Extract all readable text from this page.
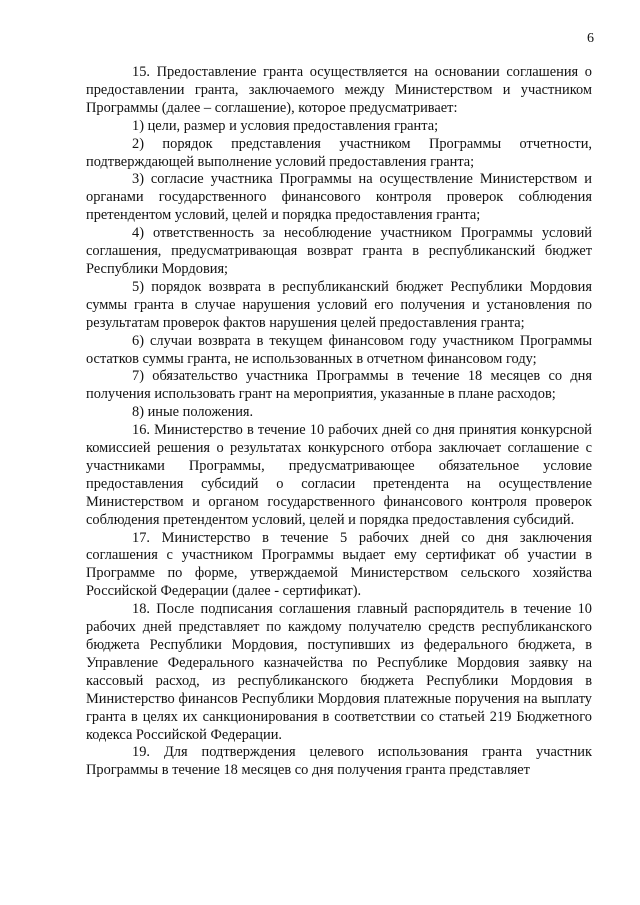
6

15. Предоставление гранта осуществляется на основании соглашения о предоставлении гранта, заключаемого между Министерством и участником Программы (далее – соглашение), которое предусматривает:

1) цели, размер и условия предоставления гранта;

2) порядок представления участником Программы отчетности, подтверждающей выполнение условий предоставления гранта;

3) согласие участника Программы на осуществление Министерством и органами государственного финансового контроля проверок соблюдения претендентом условий, целей и порядка предоставления гранта;

4) ответственность за несоблюдение участником Программы условий соглашения, предусматривающая возврат гранта в республиканский бюджет Республики Мордовия;

5) порядок возврата в республиканский бюджет Республики Мордовия суммы гранта в случае нарушения условий его получения и установления по результатам проверок фактов нарушения целей предоставления гранта;

6) случаи возврата в текущем финансовом году участником Программы остатков суммы гранта, не использованных в отчетном финансовом году;

7) обязательство участника Программы в течение 18 месяцев со дня получения использовать грант на мероприятия, указанные в плане расходов;

8) иные положения.

16. Министерство в течение 10 рабочих дней со дня принятия конкурсной комиссией решения о результатах конкурсного отбора заключает соглашение с участниками Программы, предусматривающее обязательное условие предоставления субсидий о согласии претендента на осуществление Министерством и органом государственного финансового контроля проверок соблюдения претендентом условий, целей и порядка предоставления субсидий.

17. Министерство в течение 5 рабочих дней со дня заключения соглашения с участником Программы выдает ему сертификат об участии в Программе по форме, утверждаемой Министерством сельского хозяйства Российской Федерации (далее - сертификат).

18. После подписания соглашения главный распорядитель в течение 10 рабочих дней представляет по каждому получателю средств республиканского бюджета Республики Мордовия, поступивших из федерального бюджета, в Управление Федерального казначейства по Республике Мордовия заявку на кассовый расход, из республиканского бюджета Республики Мордовия в Министерство финансов Республики Мордовия платежные поручения на выплату гранта в целях их санкционирования в соответствии со статьей 219 Бюджетного кодекса Российской Федерации.

19. Для подтверждения целевого использования гранта участник Программы в течение 18 месяцев со дня получения гранта представляет
